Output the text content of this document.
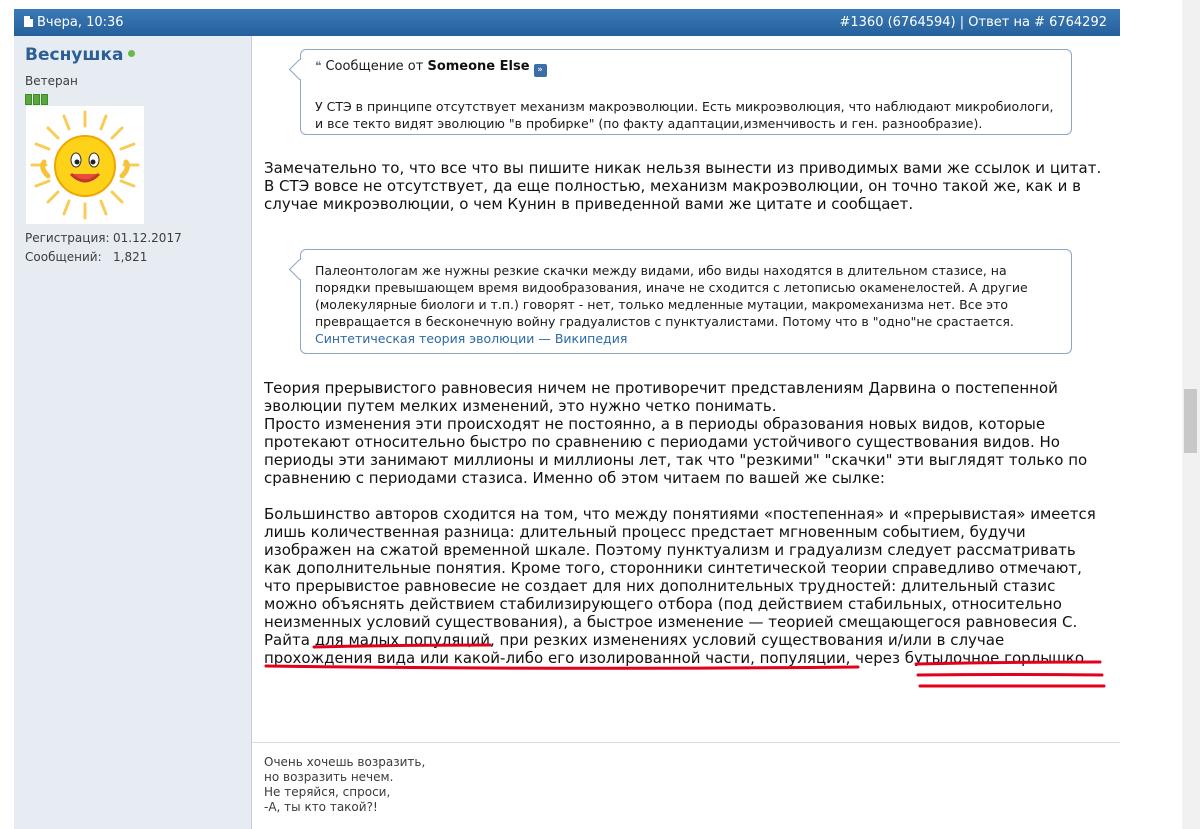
Вчера, 10:36	#1360 (6764594) | Ответ на # 6764292
Веснушка
Ветеран
Регистрация: 01.12.2017
Сообщений: 1,821
❝ Сообщение от Someone Else »
У СТЭ в принципе отсутствует механизм макроэволюции. Есть микроэволюция, что наблюдают микробиологи, и все текто видят эволюцию "в пробирке" (по факту адаптации,изменчивость и ген. разнообразие).
Замечательно то, что все что вы пишите никак нельзя вынести из приводимых вами же ссылок и цитат.
В СТЭ вовсе не отсутствует, да еще полностью, механизм макроэволюции, он точно такой же, как и в случае микроэволюции, о чем Кунин в приведенной вами же цитате и сообщает.
Палеонтологам же нужны резкие скачки между видами, ибо виды находятся в длительном стазисе, на порядки превышающем время видообразования, иначе не сходится с летописью окаменелостей. А другие (молекулярные биологи и т.п.) говорят - нет, только медленные мутации, макромеханизма нет. Все это превращается в бесконечную войну градуалистов с пунктуалистами. Потому что в "одно"не срастается.
Синтетическая теория эволюции — Википедия
Теория прерывистого равновесия ничем не противоречит представлениям Дарвина о постепенной эволюции путем мелких изменений, это нужно четко понимать.
Просто изменения эти происходят не постоянно, а в периоды образования новых видов, которые протекают относительно быстро по сравнению с периодами устойчивого существования видов. Но периоды эти занимают миллионы и миллионы лет, так что "резкими" "скачки" эти выглядят только по сравнению с периодами стазиса. Именно об этом читаем по вашей же сылке:
Большинство авторов сходится на том, что между понятиями «постепенная» и «прерывистая» имеется лишь количественная разница: длительный процесс предстает мгновенным событием, будучи изображен на сжатой временной шкале. Поэтому пунктуализм и градуализм следует рассматривать как дополнительные понятия. Кроме того, сторонники синтетической теории справедливо отмечают, что прерывистое равновесие не создает для них дополнительных трудностей: длительный стазис можно объяснять действием стабилизирующего отбора (под действием стабильных, относительно неизменных условий существования), а быстрое изменение — теорией смещающегося равновесия С. Райта для малых популяций, при резких изменениях условий существования и/или в случае прохождения вида или какой-либо его изолированной части, популяции, через бутылочное горлышко.
Очень хочешь возразить,
но возразить нечем.
Не теряйся, спроси,
-А, ты кто такой?!
